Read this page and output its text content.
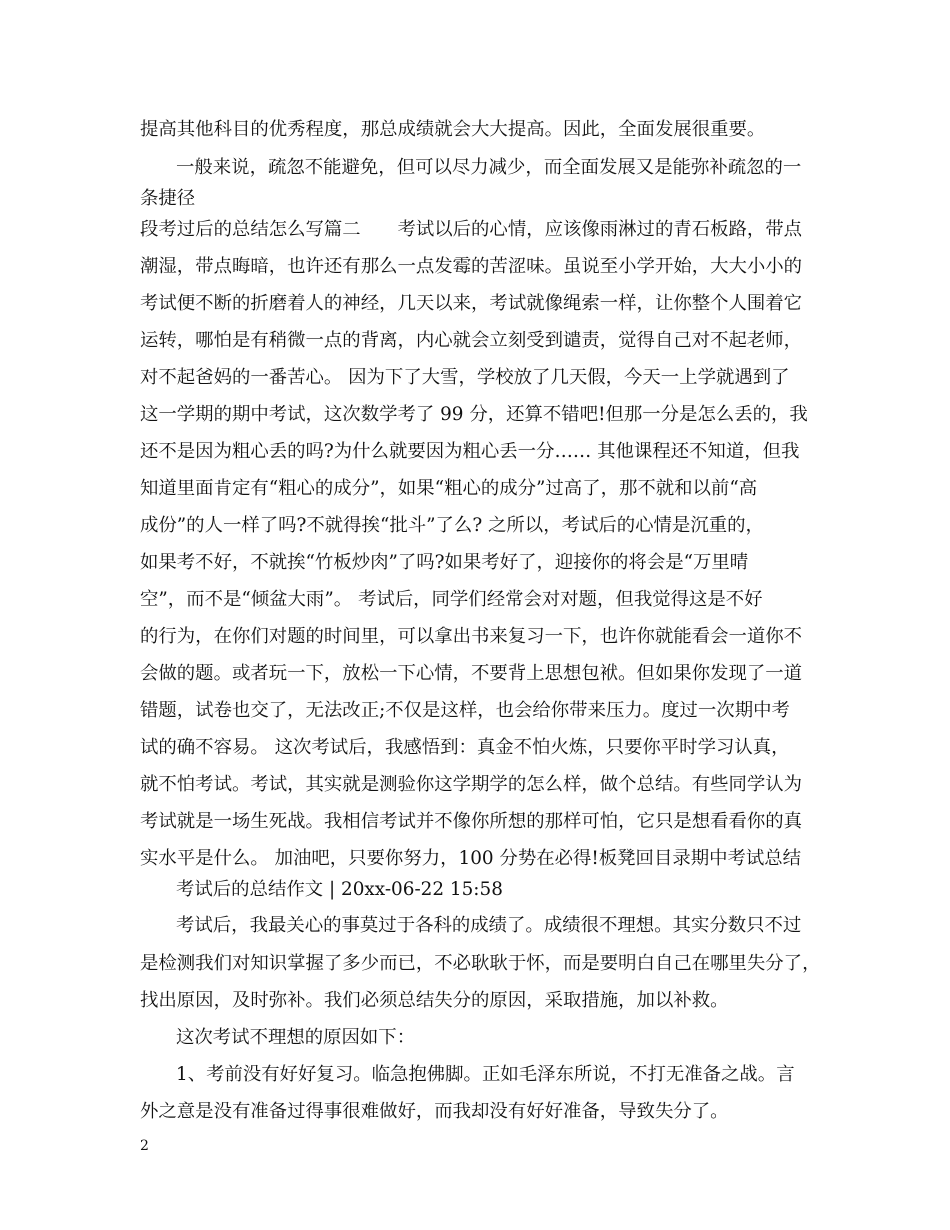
提高其他科目的优秀程度，那总成绩就会大大提高。因此，全面发展很重要。
一般来说，疏忽不能避免，但可以尽力减少，而全面发展又是能弥补疏忽的一
条捷径
段考过后的总结怎么写篇二　　考试以后的心情，应该像雨淋过的青石板路，带点
潮湿，带点晦暗，也许还有那么一点发霉的苦涩味。虽说至小学开始，大大小小的
考试便不断的折磨着人的神经，几天以来，考试就像绳索一样，让你整个人围着它
运转，哪怕是有稍微一点的背离，内心就会立刻受到谴责，觉得自己对不起老师，
对不起爸妈的一番苦心。 因为下了大雪，学校放了几天假，今天一上学就遇到了
这一学期的期中考试，这次数学考了 99 分，还算不错吧!但那一分是怎么丢的，我
还不是因为粗心丢的吗?为什么就要因为粗心丢一分…… 其他课程还不知道，但我
知道里面肯定有“粗心的成分”，如果“粗心的成分”过高了，那不就和以前“高
成份”的人一样了吗?不就得挨“批斗”了么? 之所以，考试后的心情是沉重的，
如果考不好，不就挨“竹板炒肉”了吗?如果考好了，迎接你的将会是“万里晴
空”，而不是“倾盆大雨”。 考试后，同学们经常会对对题，但我觉得这是不好
的行为，在你们对题的时间里，可以拿出书来复习一下，也许你就能看会一道你不
会做的题。或者玩一下，放松一下心情，不要背上思想包袱。但如果你发现了一道
错题，试卷也交了，无法改正;不仅是这样，也会给你带来压力。度过一次期中考
试的确不容易。 这次考试后，我感悟到：真金不怕火炼，只要你平时学习认真，
就不怕考试。考试，其实就是测验你这学期学的怎么样，做个总结。有些同学认为
考试就是一场生死战。我相信考试并不像你所想的那样可怕，它只是想看看你的真
实水平是什么。 加油吧，只要你努力，100 分势在必得!板凳回目录期中考试总结
考试后的总结作文 | 20xx-06-22 15:58
考试后，我最关心的事莫过于各科的成绩了。成绩很不理想。其实分数只不过
是检测我们对知识掌握了多少而已，不必耿耿于怀，而是要明白自己在哪里失分了，
找出原因，及时弥补。我们必须总结失分的原因，采取措施，加以补救。
这次考试不理想的原因如下：
1、考前没有好好复习。临急抱佛脚。正如毛泽东所说，不打无准备之战。言
外之意是没有准备过得事很难做好，而我却没有好好准备，导致失分了。
2
